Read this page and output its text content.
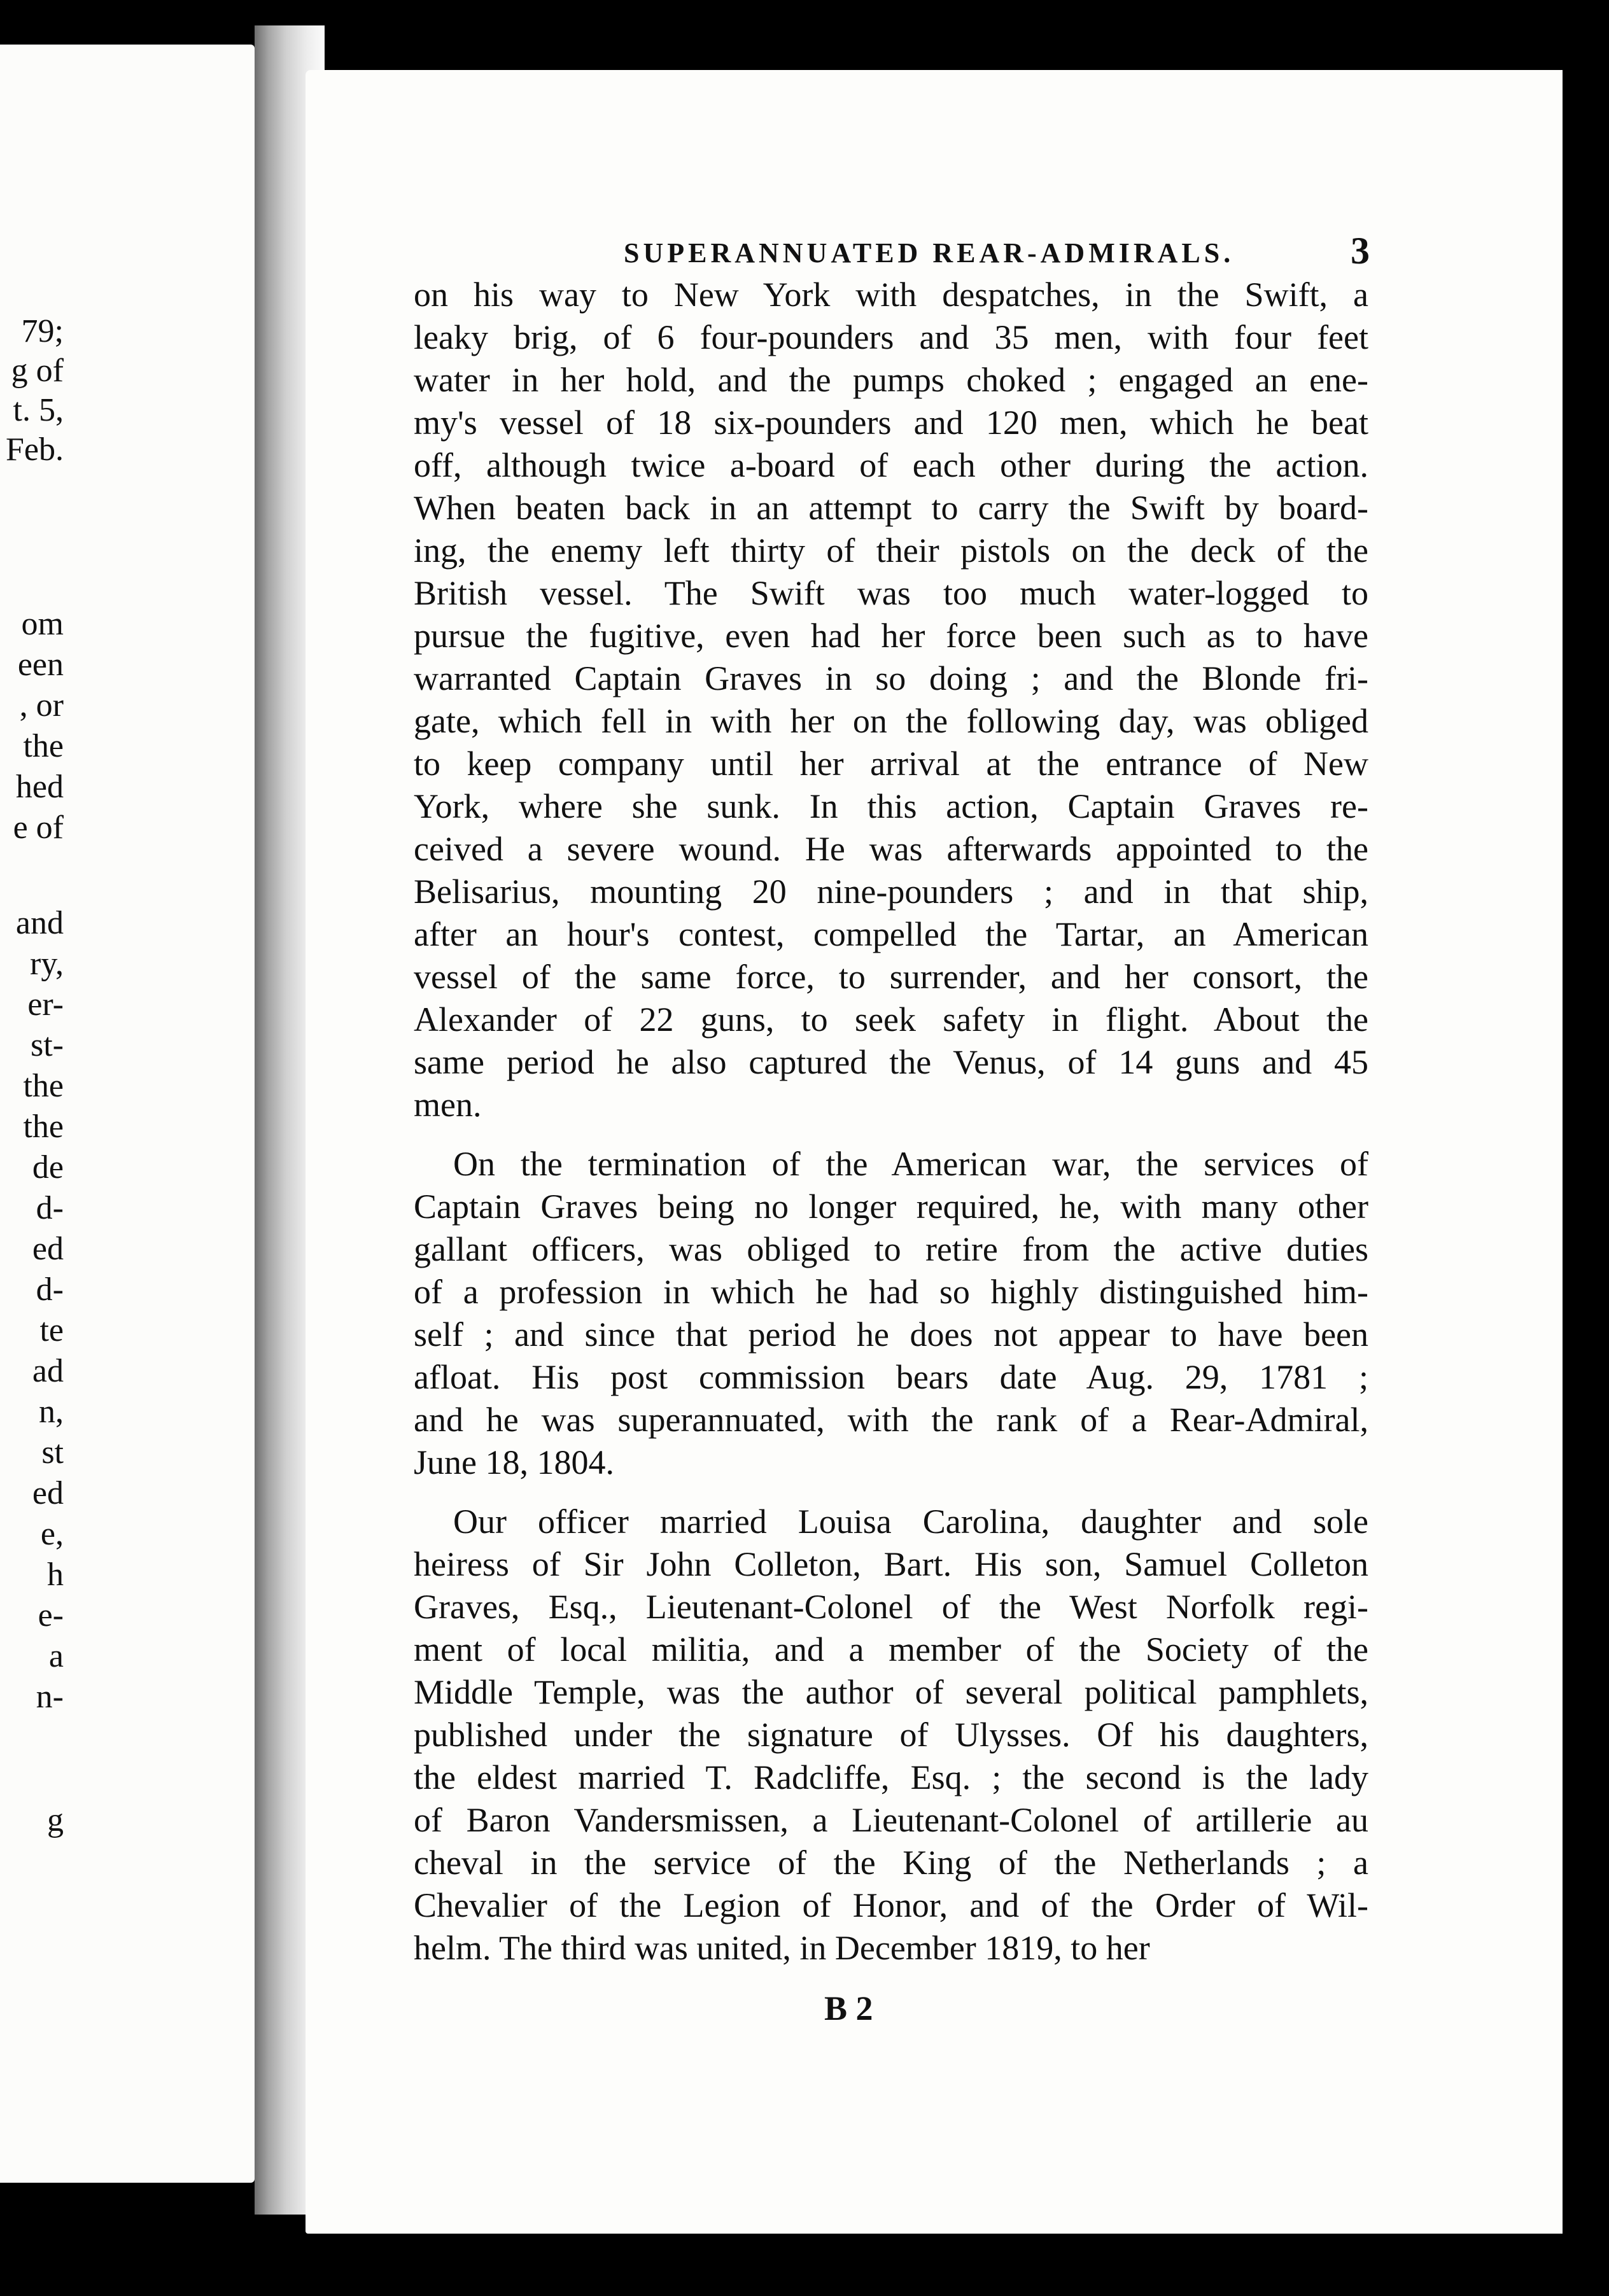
79;
g of
t. 5,
Feb.
om
een
, or
the
hed
e of
and
ry,
er-
st-
the
the
de
d-
ed
d-
te
ad
n,
st
ed
e,
h
e-
a
n-
g
SUPERANNUATED REAR-ADMIRALS.	3
on his way to New York with despatches, in the Swift, a
leaky brig, of 6 four-pounders and 35 men, with four feet
water in her hold, and the pumps choked ; engaged an ene-
my's vessel of 18 six-pounders and 120 men, which he beat
off, although twice a-board of each other during the action.
When beaten back in an attempt to carry the Swift by board-
ing, the enemy left thirty of their pistols on the deck of the
British vessel. The Swift was too much water-logged to
pursue the fugitive, even had her force been such as to have
warranted Captain Graves in so doing ; and the Blonde fri-
gate, which fell in with her on the following day, was obliged
to keep company until her arrival at the entrance of New
York, where she sunk. In this action, Captain Graves re-
ceived a severe wound. He was afterwards appointed to the
Belisarius, mounting 20 nine-pounders ; and in that ship,
after an hour's contest, compelled the Tartar, an American
vessel of the same force, to surrender, and her consort, the
Alexander of 22 guns, to seek safety in flight. About the
same period he also captured the Venus, of 14 guns and 45
men.
On the termination of the American war, the services of
Captain Graves being no longer required, he, with many other
gallant officers, was obliged to retire from the active duties
of a profession in which he had so highly distinguished him-
self ; and since that period he does not appear to have been
afloat. His post commission bears date Aug. 29, 1781 ;
and he was superannuated, with the rank of a Rear-Admiral,
June 18, 1804.
Our officer married Louisa Carolina, daughter and sole
heiress of Sir John Colleton, Bart. His son, Samuel Colleton
Graves, Esq., Lieutenant-Colonel of the West Norfolk regi-
ment of local militia, and a member of the Society of the
Middle Temple, was the author of several political pamphlets,
published under the signature of Ulysses. Of his daughters,
the eldest married T. Radcliffe, Esq. ; the second is the lady
of Baron Vandersmissen, a Lieutenant-Colonel of artillerie au
cheval in the service of the King of the Netherlands ; a
Chevalier of the Legion of Honor, and of the Order of Wil-
helm. The third was united, in December 1819, to her
B 2
